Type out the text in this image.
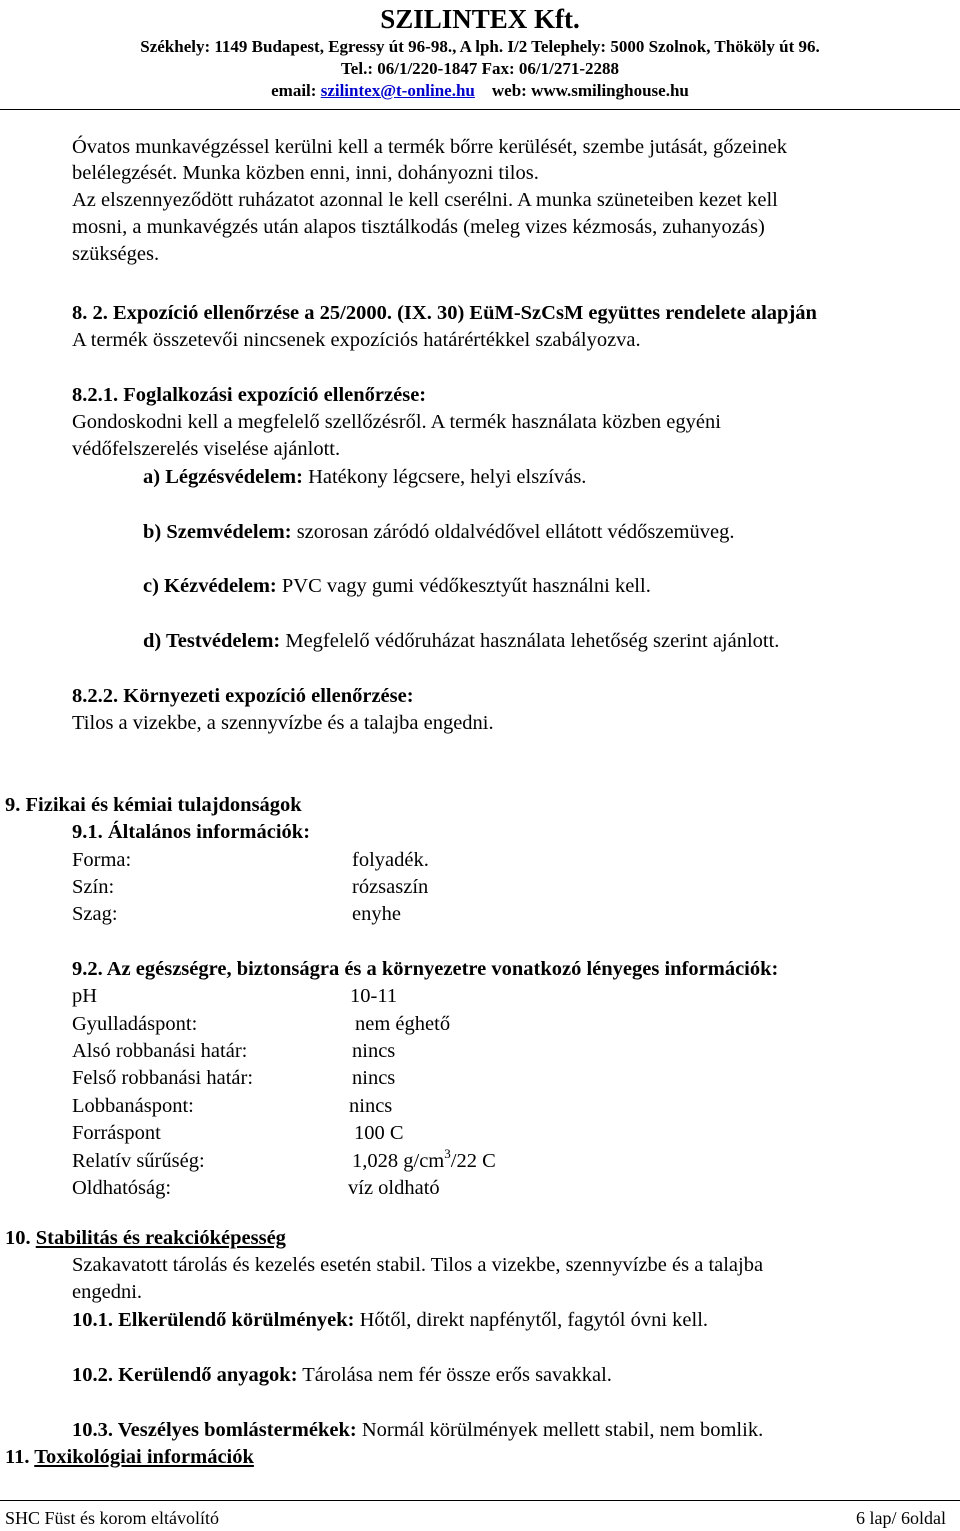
SZILINTEX Kft.
Székhely: 1149 Budapest, Egressy út 96-98., A lph. I/2 Telephely: 5000 Szolnok, Thököly út 96.
Tel.: 06/1/220-1847 Fax: 06/1/271-2288
email: szilintex@t-online.hu web: www.smilinghouse.hu
Óvatos munkavégzéssel kerülni kell a termék bőrre kerülését, szembe jutását, gőzeinek
belélegzését. Munka közben enni, inni, dohányozni tilos.
Az elszennyeződött ruházatot azonnal le kell cserélni. A munka szüneteiben kezet kell
mosni, a munkavégzés után alapos tisztálkodás (meleg vizes kézmosás, zuhanyozás)
szükséges.
8. 2. Expozíció ellenőrzése a 25/2000. (IX. 30) EüM-SzCsM együttes rendelete alapján
A termék összetevői nincsenek expozíciós határértékkel szabályozva.
8.2.1. Foglalkozási expozíció ellenőrzése:
Gondoskodni kell a megfelelő szellőzésről. A termék használata közben egyéni
védőfelszerelés viselése ajánlott.
a) Légzésvédelem: Hatékony légcsere, helyi elszívás.
b) Szemvédelem: szorosan záródó oldalvédővel ellátott védőszemüveg.
c) Kézvédelem: PVC vagy gumi védőkesztyűt használni kell.
d) Testvédelem: Megfelelő védőruházat használata lehetőség szerint ajánlott.
8.2.2. Környezeti expozíció ellenőrzése:
Tilos a vizekbe, a szennyvízbe és a talajba engedni.
9. Fizikai és kémiai tulajdonságok
9.1. Általános információk:
Forma:	folyadék.
Szín:	rózsaszín
Szag:	enyhe
9.2. Az egészségre, biztonságra és a környezetre vonatkozó lényeges információk:
pH	10-11
Gyulladáspont:	nem éghető
Alsó robbanási határ:	nincs
Felső robbanási határ:	nincs
Lobbanáspont:	nincs
Forráspont	100 C
Relatív sűrűség:	1,028 $g/cm^3/22$ C
Oldhatóság:	víz oldható
10. Stabilitás és reakcióképesség
Szakavatott tárolás és kezelés esetén stabil. Tilos a vizekbe, szennyvízbe és a talajba
engedni.
10.1. Elkerülendő körülmények: Hőtől, direkt napfénytől, fagytól óvni kell.
10.2. Kerülendő anyagok: Tárolása nem fér össze erős savakkal.
10.3. Veszélyes bomlástermékek: Normál körülmények mellett stabil, nem bomlik.
11. Toxikológiai információk
SHC Füst és korom eltávolító	6 lap/ 6oldal
